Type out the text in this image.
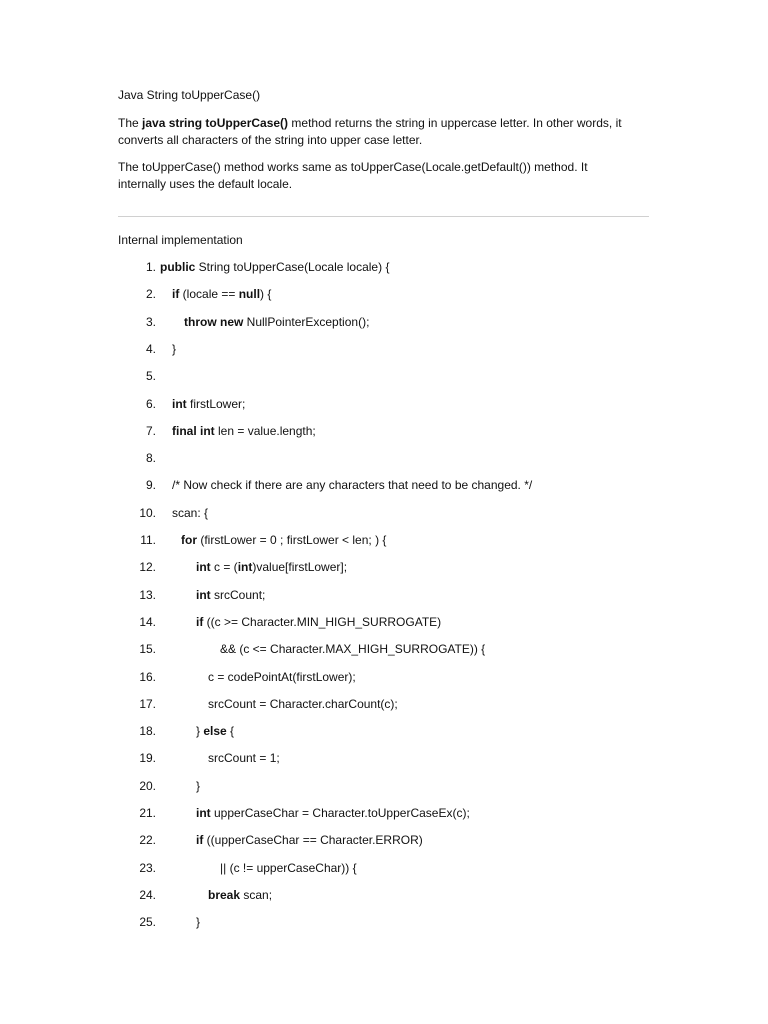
Java String toUpperCase()
The java string toUpperCase() method returns the string in uppercase letter. In other words, it converts all characters of the string into upper case letter.
The toUpperCase() method works same as toUpperCase(Locale.getDefault()) method. It internally uses the default locale.
Internal implementation
1. public String toUpperCase(Locale locale) {
2. if (locale == null) {
3. throw new NullPointerException();
4. }
5.
6. int firstLower;
7. final int len = value.length;
8.
9. /* Now check if there are any characters that need to be changed. */
10. scan: {
11. for (firstLower = 0 ; firstLower < len; ) {
12.	int c = (int)value[firstLower];
13.	int srcCount;
14.	if ((c >= Character.MIN_HIGH_SURROGATE)
15.	&& (c <= Character.MAX_HIGH_SURROGATE)) {
16.	c = codePointAt(firstLower);
17.	srcCount = Character.charCount(c);
18.	} else {
19.	srcCount = 1;
20.	}
21.	int upperCaseChar = Character.toUpperCaseEx(c);
22.	if ((upperCaseChar == Character.ERROR)
23.	|| (c != upperCaseChar)) {
24.	break scan;
25.	}
